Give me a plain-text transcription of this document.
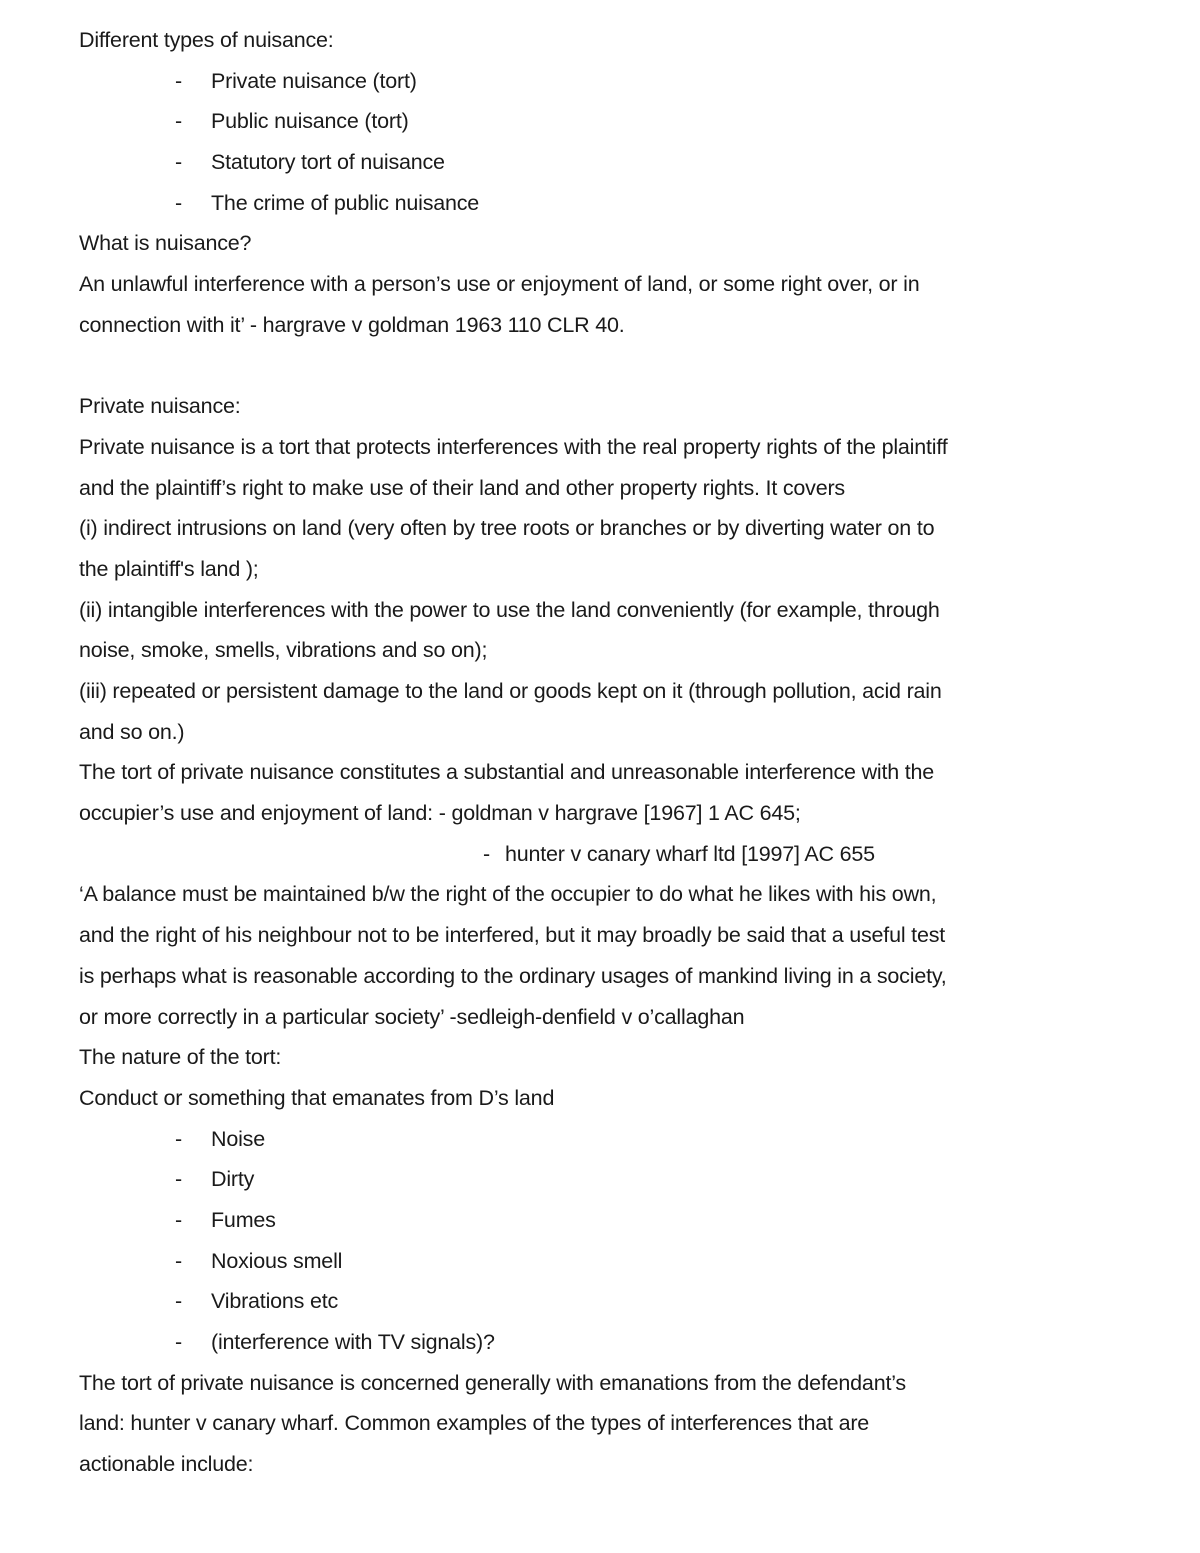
Different types of nuisance:
- Private nuisance (tort)
- Public nuisance (tort)
- Statutory tort of nuisance
- The crime of public nuisance
What is nuisance?
An unlawful interference with a person’s use or enjoyment of land, or some right over, or in
connection with it’ - hargrave v goldman 1963 110 CLR 40.
Private nuisance:
Private nuisance is a tort that protects interferences with the real property rights of the plaintiff
and the plaintiff’s right to make use of their land and other property rights. It covers
(i) indirect intrusions on land (very often by tree roots or branches or by diverting water on to
the plaintiff's land );
(ii) intangible interferences with the power to use the land conveniently (for example, through
noise, smoke, smells, vibrations and so on);
(iii) repeated or persistent damage to the land or goods kept on it (through pollution, acid rain
and so on.)
The tort of private nuisance constitutes a substantial and unreasonable interference with the
occupier’s use and enjoyment of land: - goldman v hargrave [1967] 1 AC 645;
- hunter v canary wharf ltd [1997] AC 655
‘A balance must be maintained b/w the right of the occupier to do what he likes with his own,
and the right of his neighbour not to be interfered, but it may broadly be said that a useful test
is perhaps what is reasonable according to the ordinary usages of mankind living in a society,
or more correctly in a particular society’ -sedleigh-denfield v o’callaghan
The nature of the tort:
Conduct or something that emanates from D’s land
- Noise
- Dirty
- Fumes
- Noxious smell
- Vibrations etc
- (interference with TV signals)?
The tort of private nuisance is concerned generally with emanations from the defendant’s
land: hunter v canary wharf. Common examples of the types of interferences that are
actionable include:
